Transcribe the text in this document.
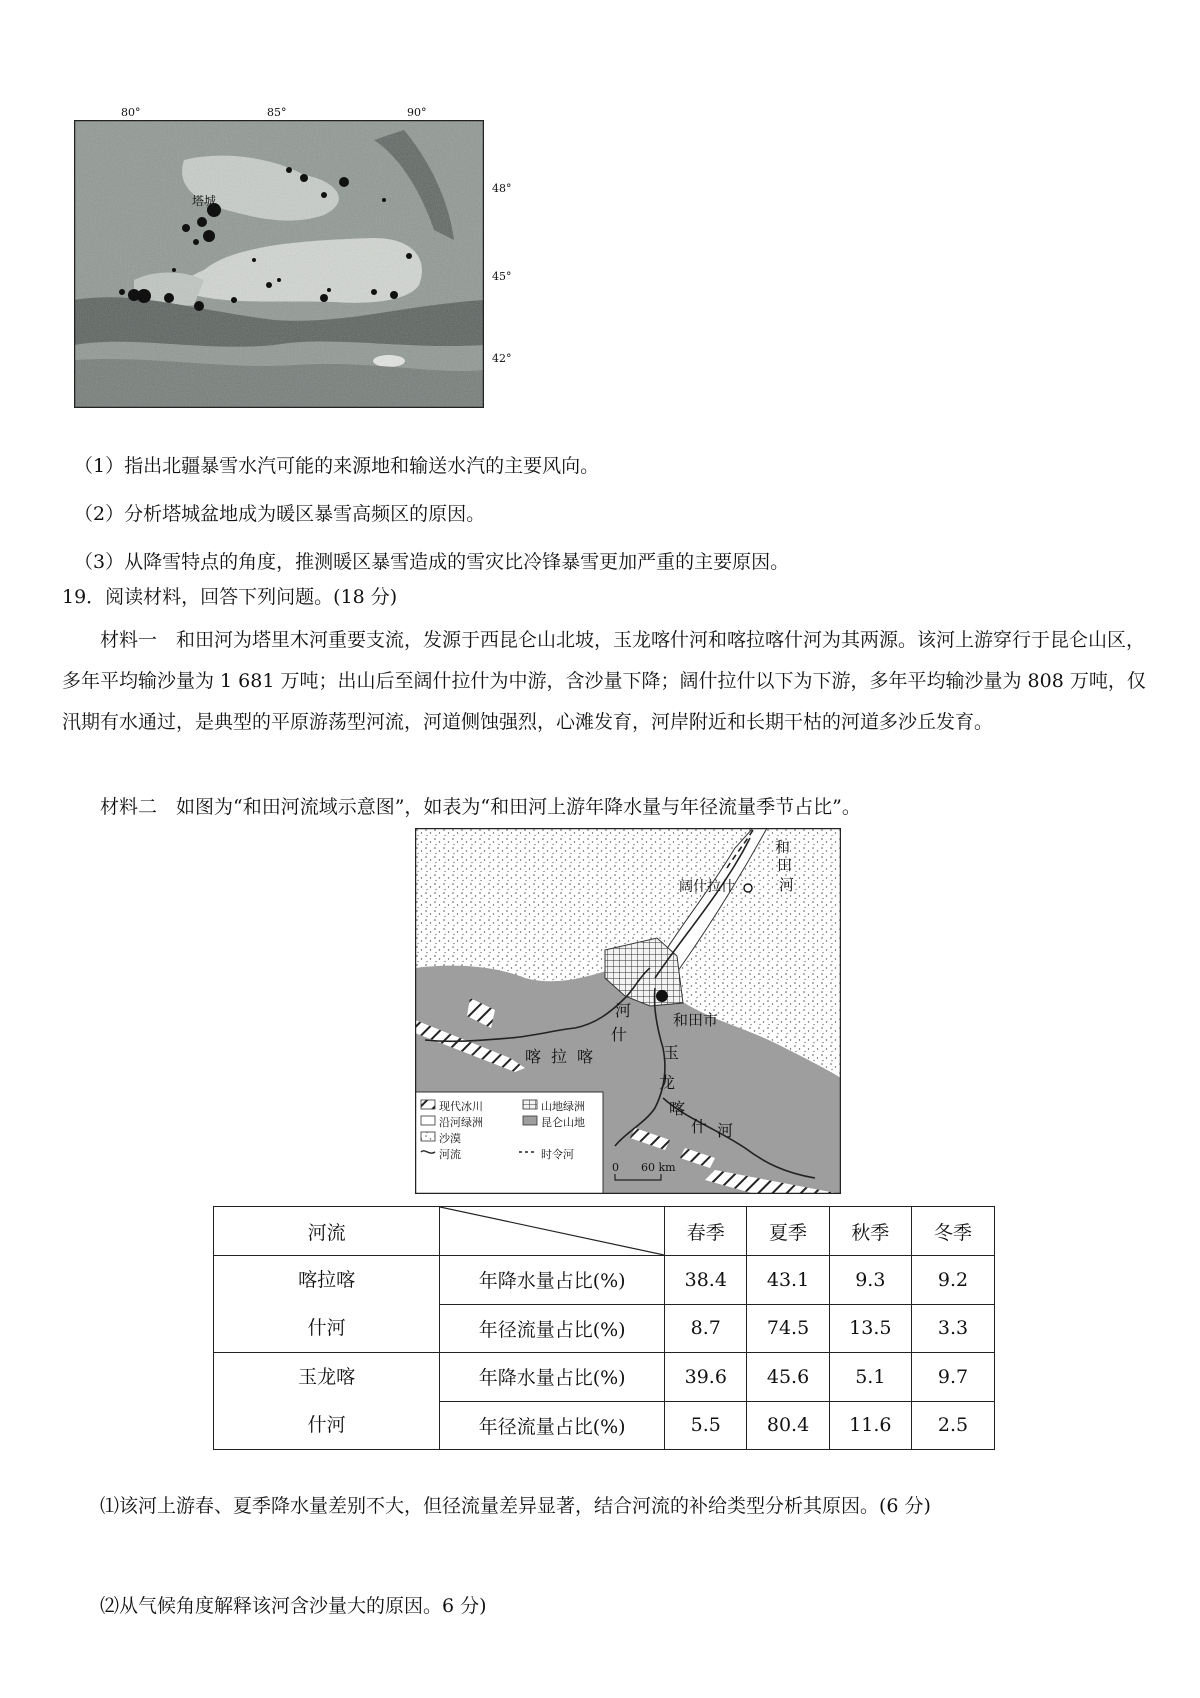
80°	85°	90°
48°
45°
42°
塔城
（1）指出北疆暴雪水汽可能的来源地和输送水汽的主要风向。
（2）分析塔城盆地成为暖区暴雪高频区的原因。
（3）从降雪特点的角度，推测暖区暴雪造成的雪灾比冷锋暴雪更加严重的主要原因。
19．阅读材料，回答下列问题。(18 分)
材料一　和田河为塔里木河重要支流，发源于西昆仑山北坡，玉龙喀什河和喀拉喀什河为其两源。该河上游穿行于昆仑山区，多年平均输沙量为 1 681 万吨；出山后至阔什拉什为中游，含沙量下降；阔什拉什以下为下游，多年平均输沙量为 808 万吨，仅汛期有水通过，是典型的平原游荡型河流，河道侧蚀强烈，心滩发育，河岸附近和长期干枯的河道多沙丘发育。
材料二　如图为“和田河流域示意图”，如表为“和田河上游年降水量与年径流量季节占比”。
和
田
河
阔什拉什
和田市
喀 拉 喀
什
河
玉
龙
喀
什 河
现代冰川	山地绿洲
沿河绿洲	昆仑山地
沙漠
河流	时令河
0 60 km
河流		春季	夏季	秋季	冬季

喀拉喀
什河	年降水量占比(%)	38.4	43.1	9.3	9.2
	年径流量占比(%)	8.7	74.5	13.5	3.3

玉龙喀
什河	年降水量占比(%)	39.6	45.6	5.1	9.7
	年径流量占比(%)	5.5	80.4	11.6	2.5
⑴该河上游春、夏季降水量差别不大，但径流量差异显著，结合河流的补给类型分析其原因。(6 分)
⑵从气候角度解释该河含沙量大的原因。6 分)
